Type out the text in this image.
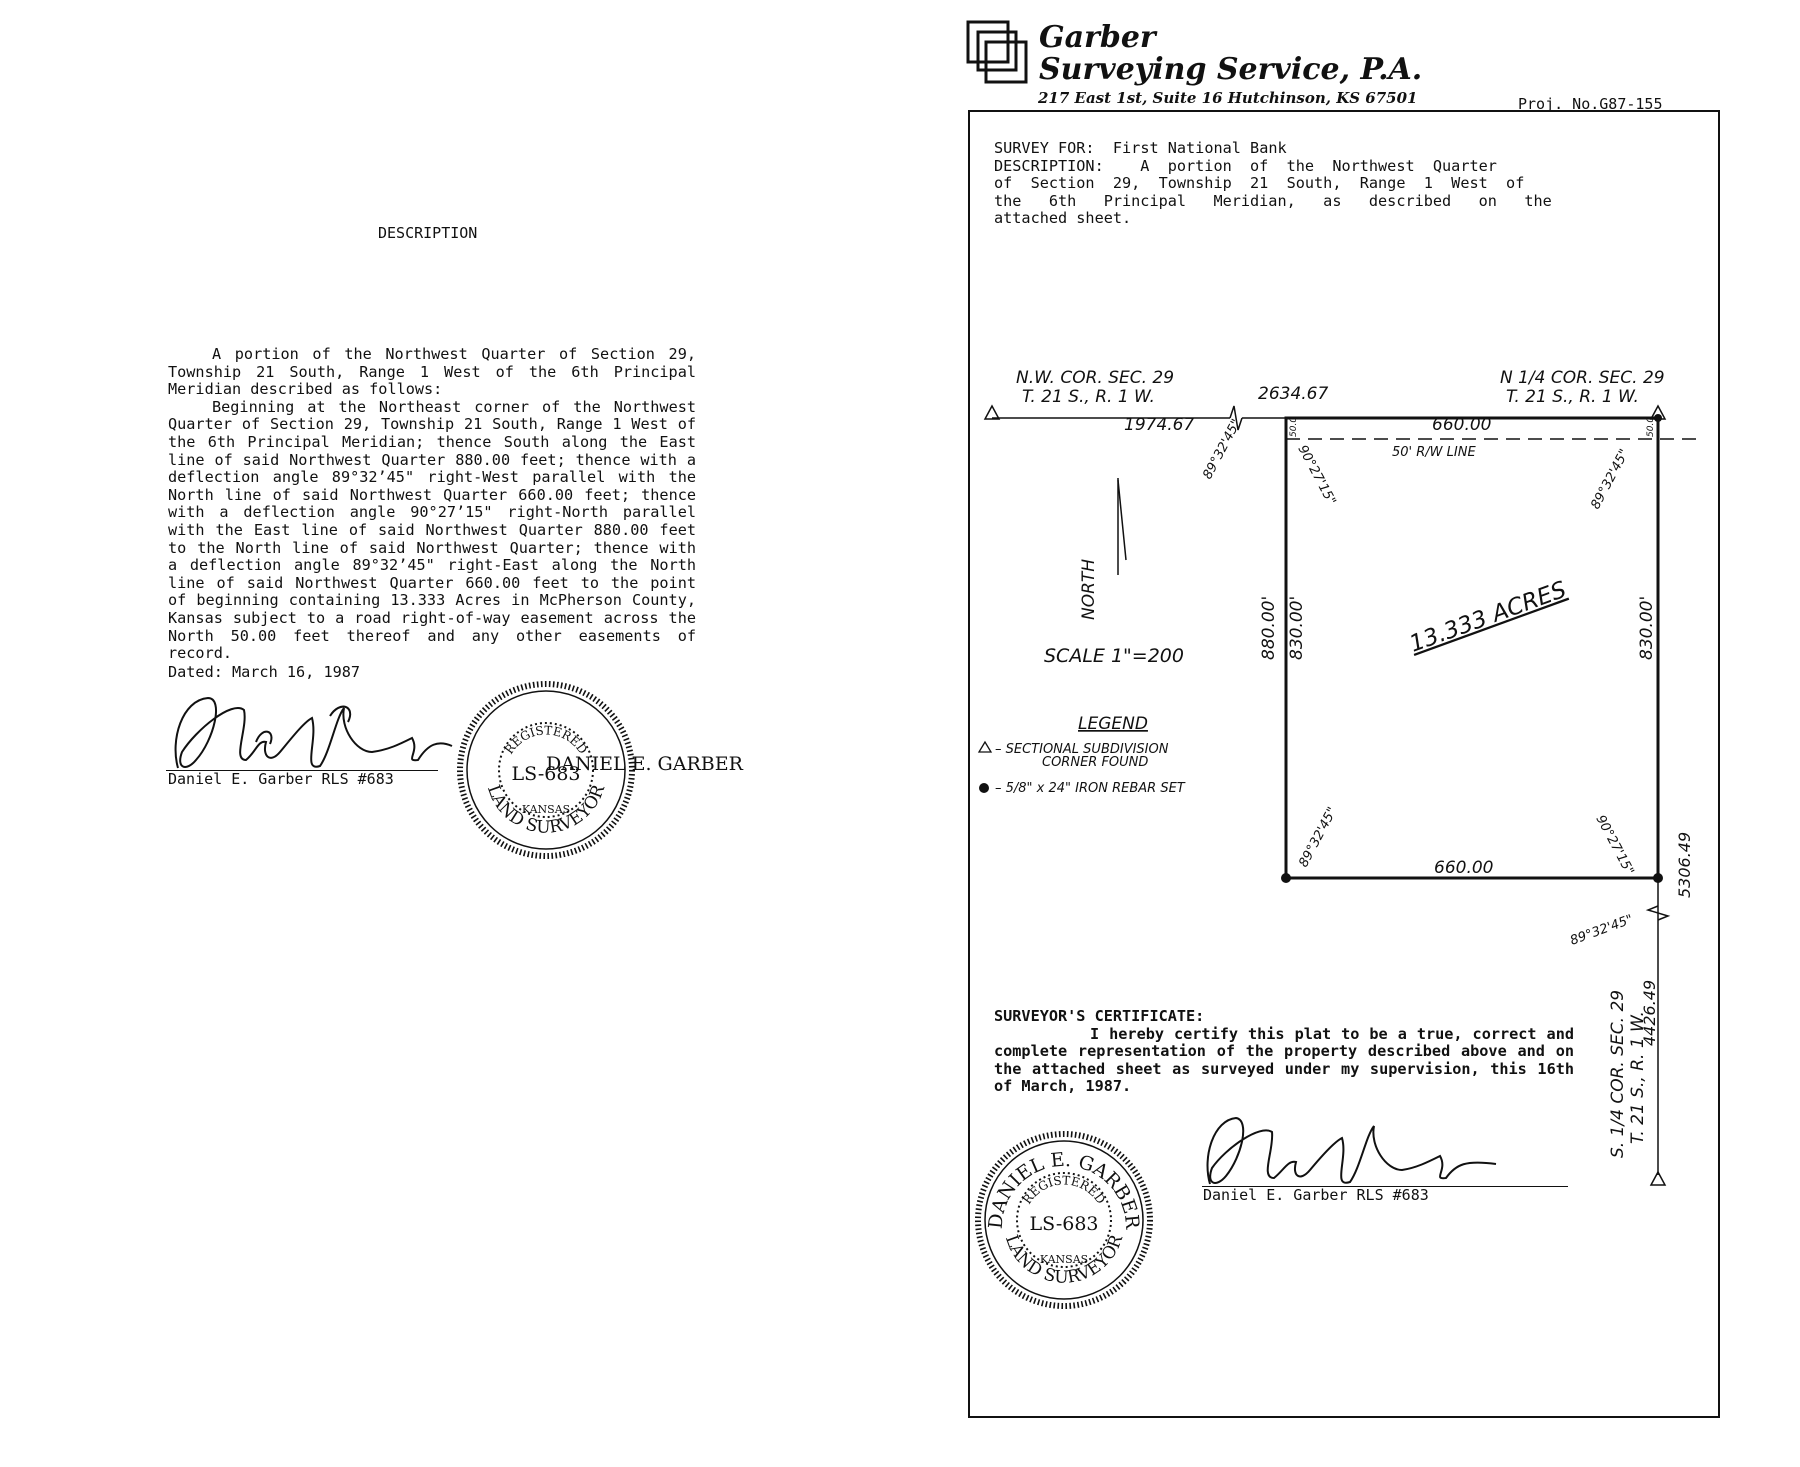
DESCRIPTION

A portion of the Northwest Quarter of Section 29, Township 21 South, Range 1 West of the 6th Principal Meridian described as follows:

Beginning at the Northeast corner of the Northwest Quarter of Section 29, Township 21 South, Range 1 West of the 6th Principal Meridian; thence South along the East line of said Northwest Quarter 880.00 feet; thence with a deflection angle 89°32’45" right-West parallel with the North line of said Northwest Quarter 660.00 feet; thence with a deflection angle 90°27’15" right-North parallel with the East line of said Northwest Quarter 880.00 feet to the North line of said Northwest Quarter; thence with a deflection angle 89°32’45" right-East along the North line of said Northwest Quarter 660.00 feet to the point of beginning containing 13.333 Acres in McPherson County, Kansas subject to a road right-of-way easement across the North 50.00 feet thereof and any other easements of record.

Dated: March 16, 1987
Daniel E. Garber RLS #683
Garber
Surveying Service, P.A.
217 East 1st, Suite 16 Hutchinson, KS 67501	Proj. No.G87-155
SURVEY FOR: First National Bank
DESCRIPTION:    A  portion  of  the  Northwest  Quarter
of  Section  29,  Township  21  South,  Range  1  West  of
the   6th   Principal   Meridian,   as   described   on   the
attached sheet.

SURVEYOR'S CERTIFICATE:

I hereby certify this plat to be a true, correct and complete representation of the property described above and on the attached sheet as surveyed under my supervision, this 16th of March, 1987.

Daniel E. Garber RLS #683
DANIEL E. GARBER
REGISTERED
LS-683
KANSAS
LAND SURVEYOR
DANIEL E. GARBER
REGISTERED
LS-683
KANSAS
LAND SURVEYOR
N.W. COR. SEC. 29
T. 21 S., R. 1 W.
N 1/4 COR. SEC. 29
T. 21 S., R. 1 W.
2634.67
1974.67	660.00
660.00
50' R/W LINE
SCALE 1"=200
LEGEND
– SECTIONAL SUBDIVISION
CORNER FOUND
– 5/8" x 24" IRON REBAR SET
NORTH
880.00' 830.00'	830.00'
13.333 ACRES
89°32'45"	90°27'15"	89°32'45"
89°32'45"	90°27'15"
89°32'45"
50.0	50.0
5306.49
4426.49
S. 1/4 COR. SEC. 29 T. 21 S., R. 1 W.
